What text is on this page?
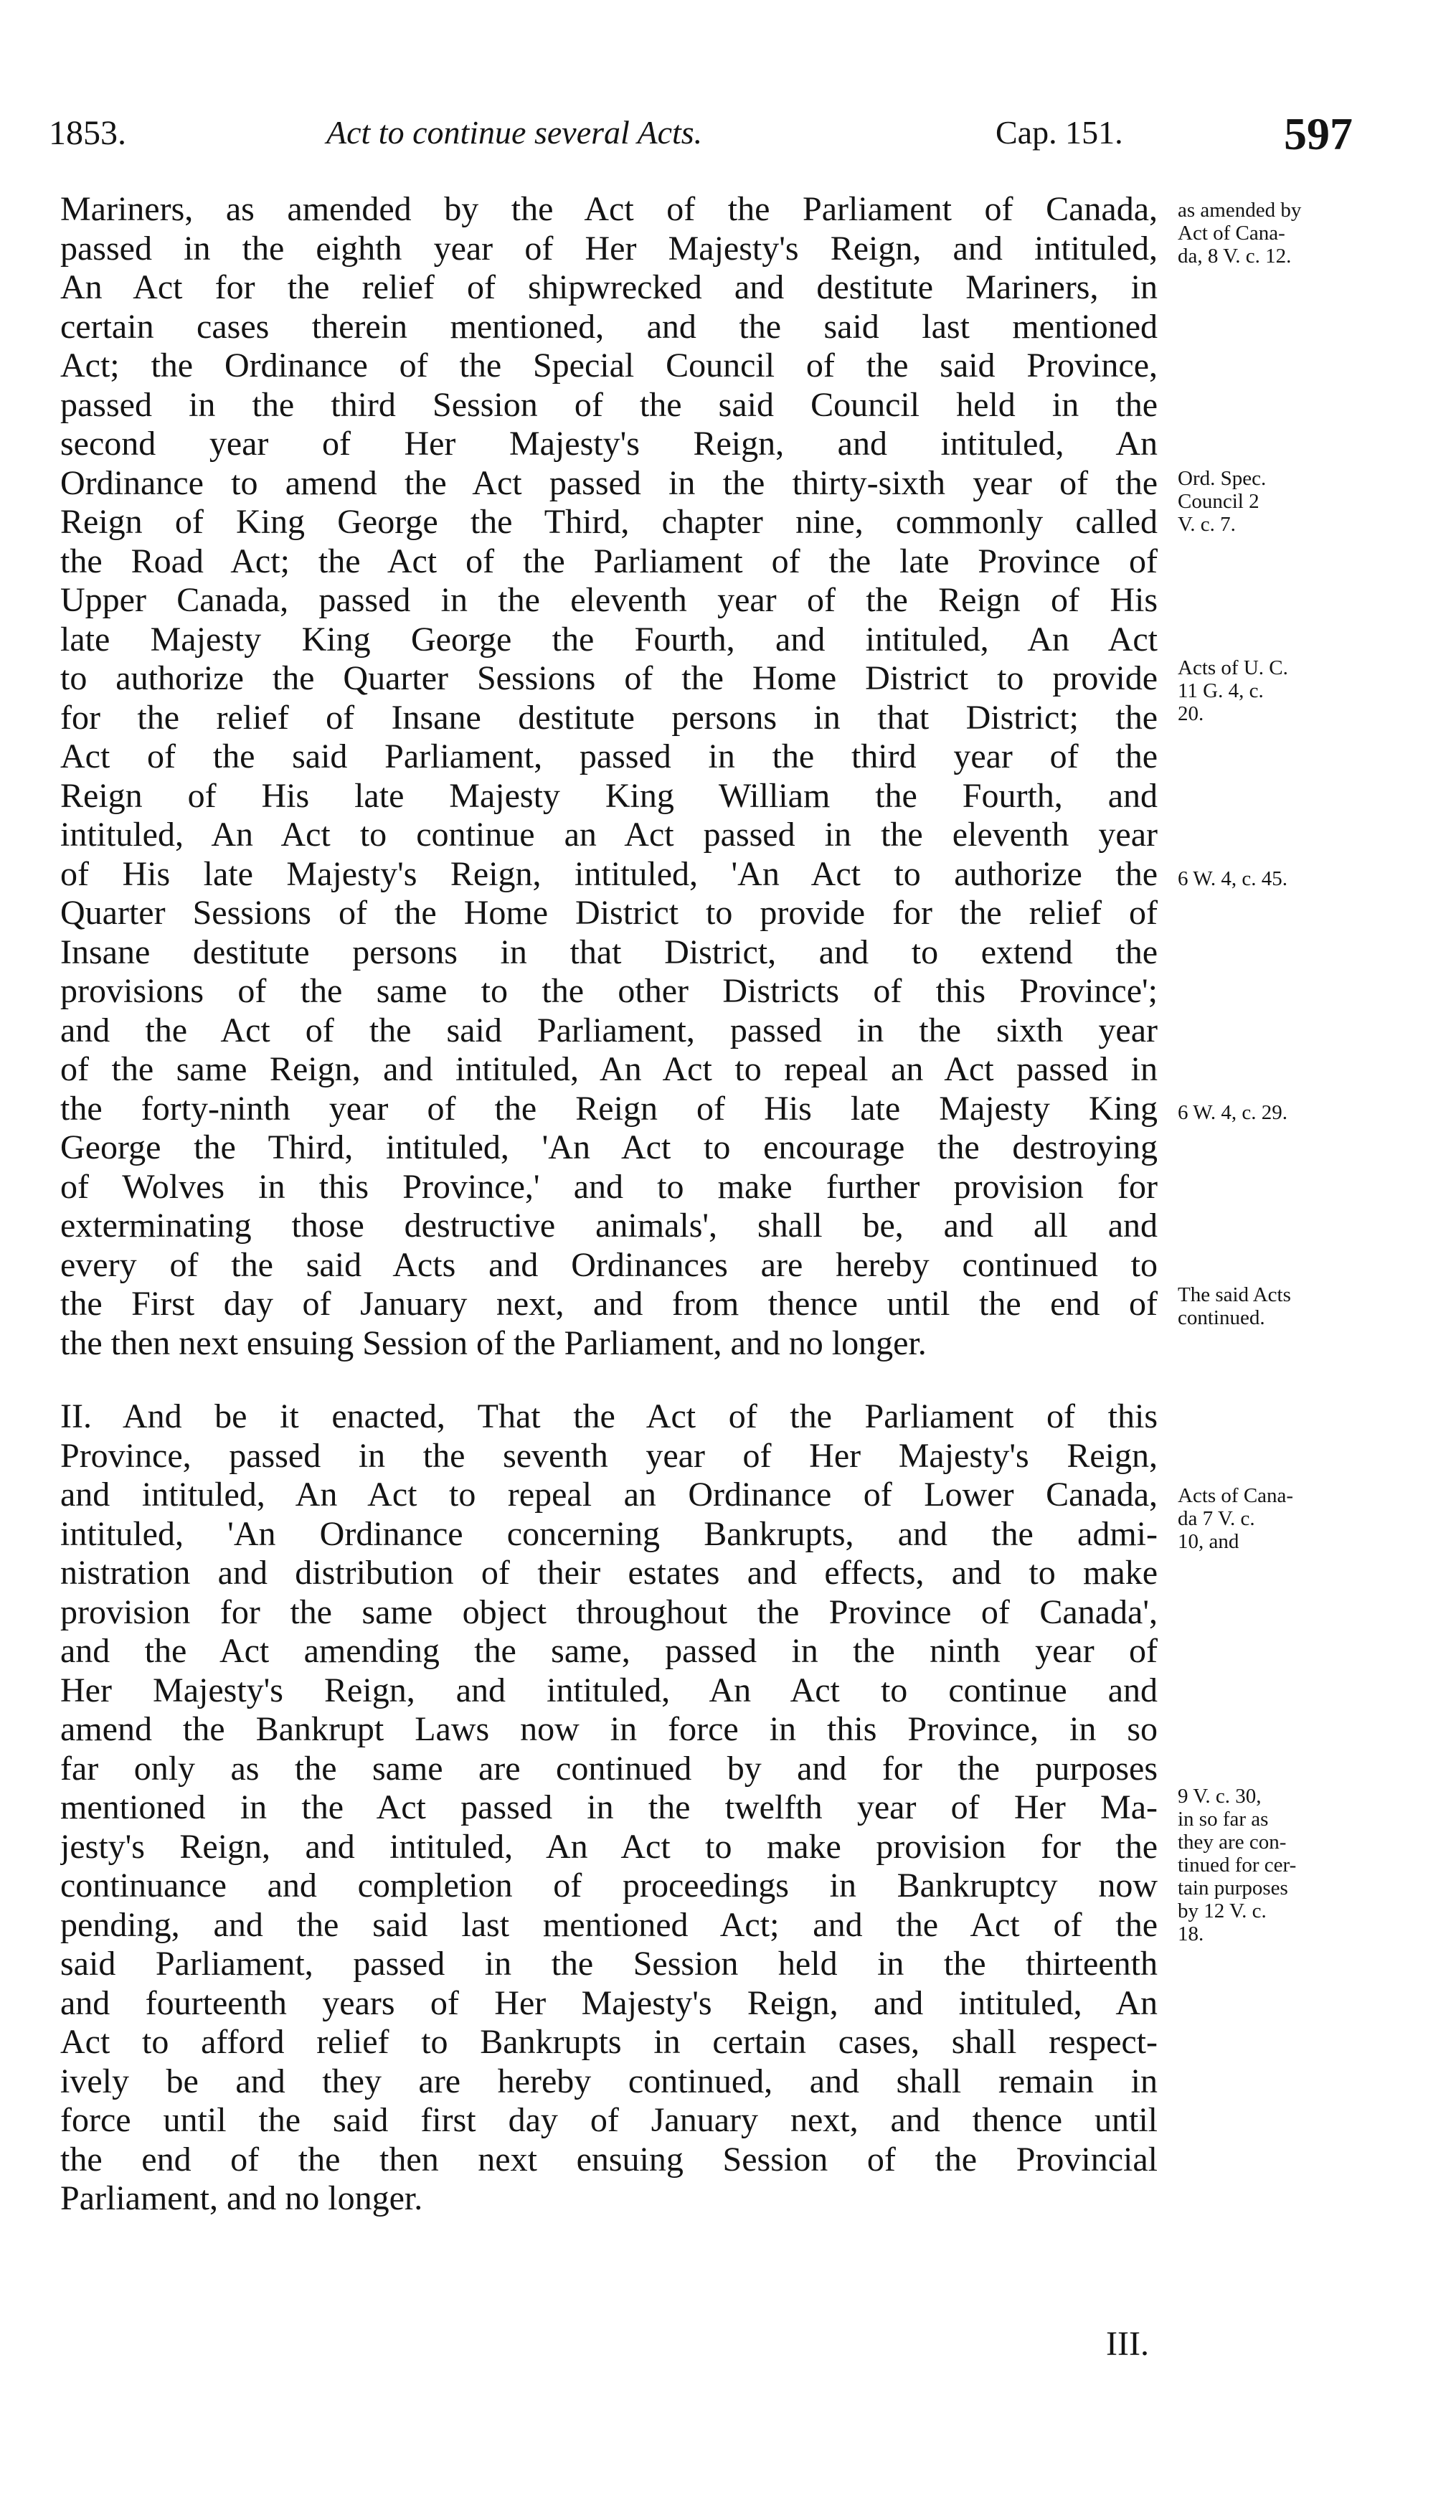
1853.	Act to continue several Acts.	Cap. 151.	597
Mariners, as amended by the Act of the Parliament of Canada,
passed in the eighth year of Her Majesty's Reign, and intituled,
An Act for the relief of shipwrecked and destitute Mariners, in
certain cases therein mentioned, and the said last mentioned
Act; the Ordinance of the Special Council of the said Province,
passed in the third Session of the said Council held in the
second year of Her Majesty's Reign, and intituled, An
Ordinance to amend the Act passed in the thirty-sixth year of the
Reign of King George the Third, chapter nine, commonly called
the Road Act; the Act of the Parliament of the late Province of
Upper Canada, passed in the eleventh year of the Reign of His
late Majesty King George the Fourth, and intituled, An Act
to authorize the Quarter Sessions of the Home District to provide
for the relief of Insane destitute persons in that District; the
Act of the said Parliament, passed in the third year of the
Reign of His late Majesty King William the Fourth, and
intituled, An Act to continue an Act passed in the eleventh year
of His late Majesty's Reign, intituled, 'An Act to authorize the
Quarter Sessions of the Home District to provide for the relief of
Insane destitute persons in that District, and to extend the
provisions of the same to the other Districts of this Province';
and the Act of the said Parliament, passed in the sixth year
of the same Reign, and intituled, An Act to repeal an Act passed in
the forty-ninth year of the Reign of His late Majesty King
George the Third, intituled, 'An Act to encourage the destroying
of Wolves in this Province,' and to make further provision for
exterminating those destructive animals', shall be, and all and
every of the said Acts and Ordinances are hereby continued to
the First day of January next, and from thence until the end of
the then next ensuing Session of the Parliament, and no longer.
II. And be it enacted, That the Act of the Parliament of this
Province, passed in the seventh year of Her Majesty's Reign,
and intituled, An Act to repeal an Ordinance of Lower Canada,
intituled, 'An Ordinance concerning Bankrupts, and the admi-
nistration and distribution of their estates and effects, and to make
provision for the same object throughout the Province of Canada',
and the Act amending the same, passed in the ninth year of
Her Majesty's Reign, and intituled, An Act to continue and
amend the Bankrupt Laws now in force in this Province, in so
far only as the same are continued by and for the purposes
mentioned in the Act passed in the twelfth year of Her Ma-
jesty's Reign, and intituled, An Act to make provision for the
continuance and completion of proceedings in Bankruptcy now
pending, and the said last mentioned Act; and the Act of the
said Parliament, passed in the Session held in the thirteenth
and fourteenth years of Her Majesty's Reign, and intituled, An
Act to afford relief to Bankrupts in certain cases, shall respect-
ively be and they are hereby continued, and shall remain in
force until the said first day of January next, and thence until
the end of the then next ensuing Session of the Provincial
Parliament, and no longer.
as amended by
Act of Cana-
da, 8 V. c. 12.
Ord. Spec.
Council 2
V. c. 7.
Acts of U. C.
11 G. 4, c.
20.
6 W. 4, c. 45.
6 W. 4, c. 29.
The said Acts
continued.
Acts of Cana-
da 7 V. c.
10, and
9 V. c. 30,
in so far as
they are con-
tinued for cer-
tain purposes
by 12 V. c.
18.
III.
